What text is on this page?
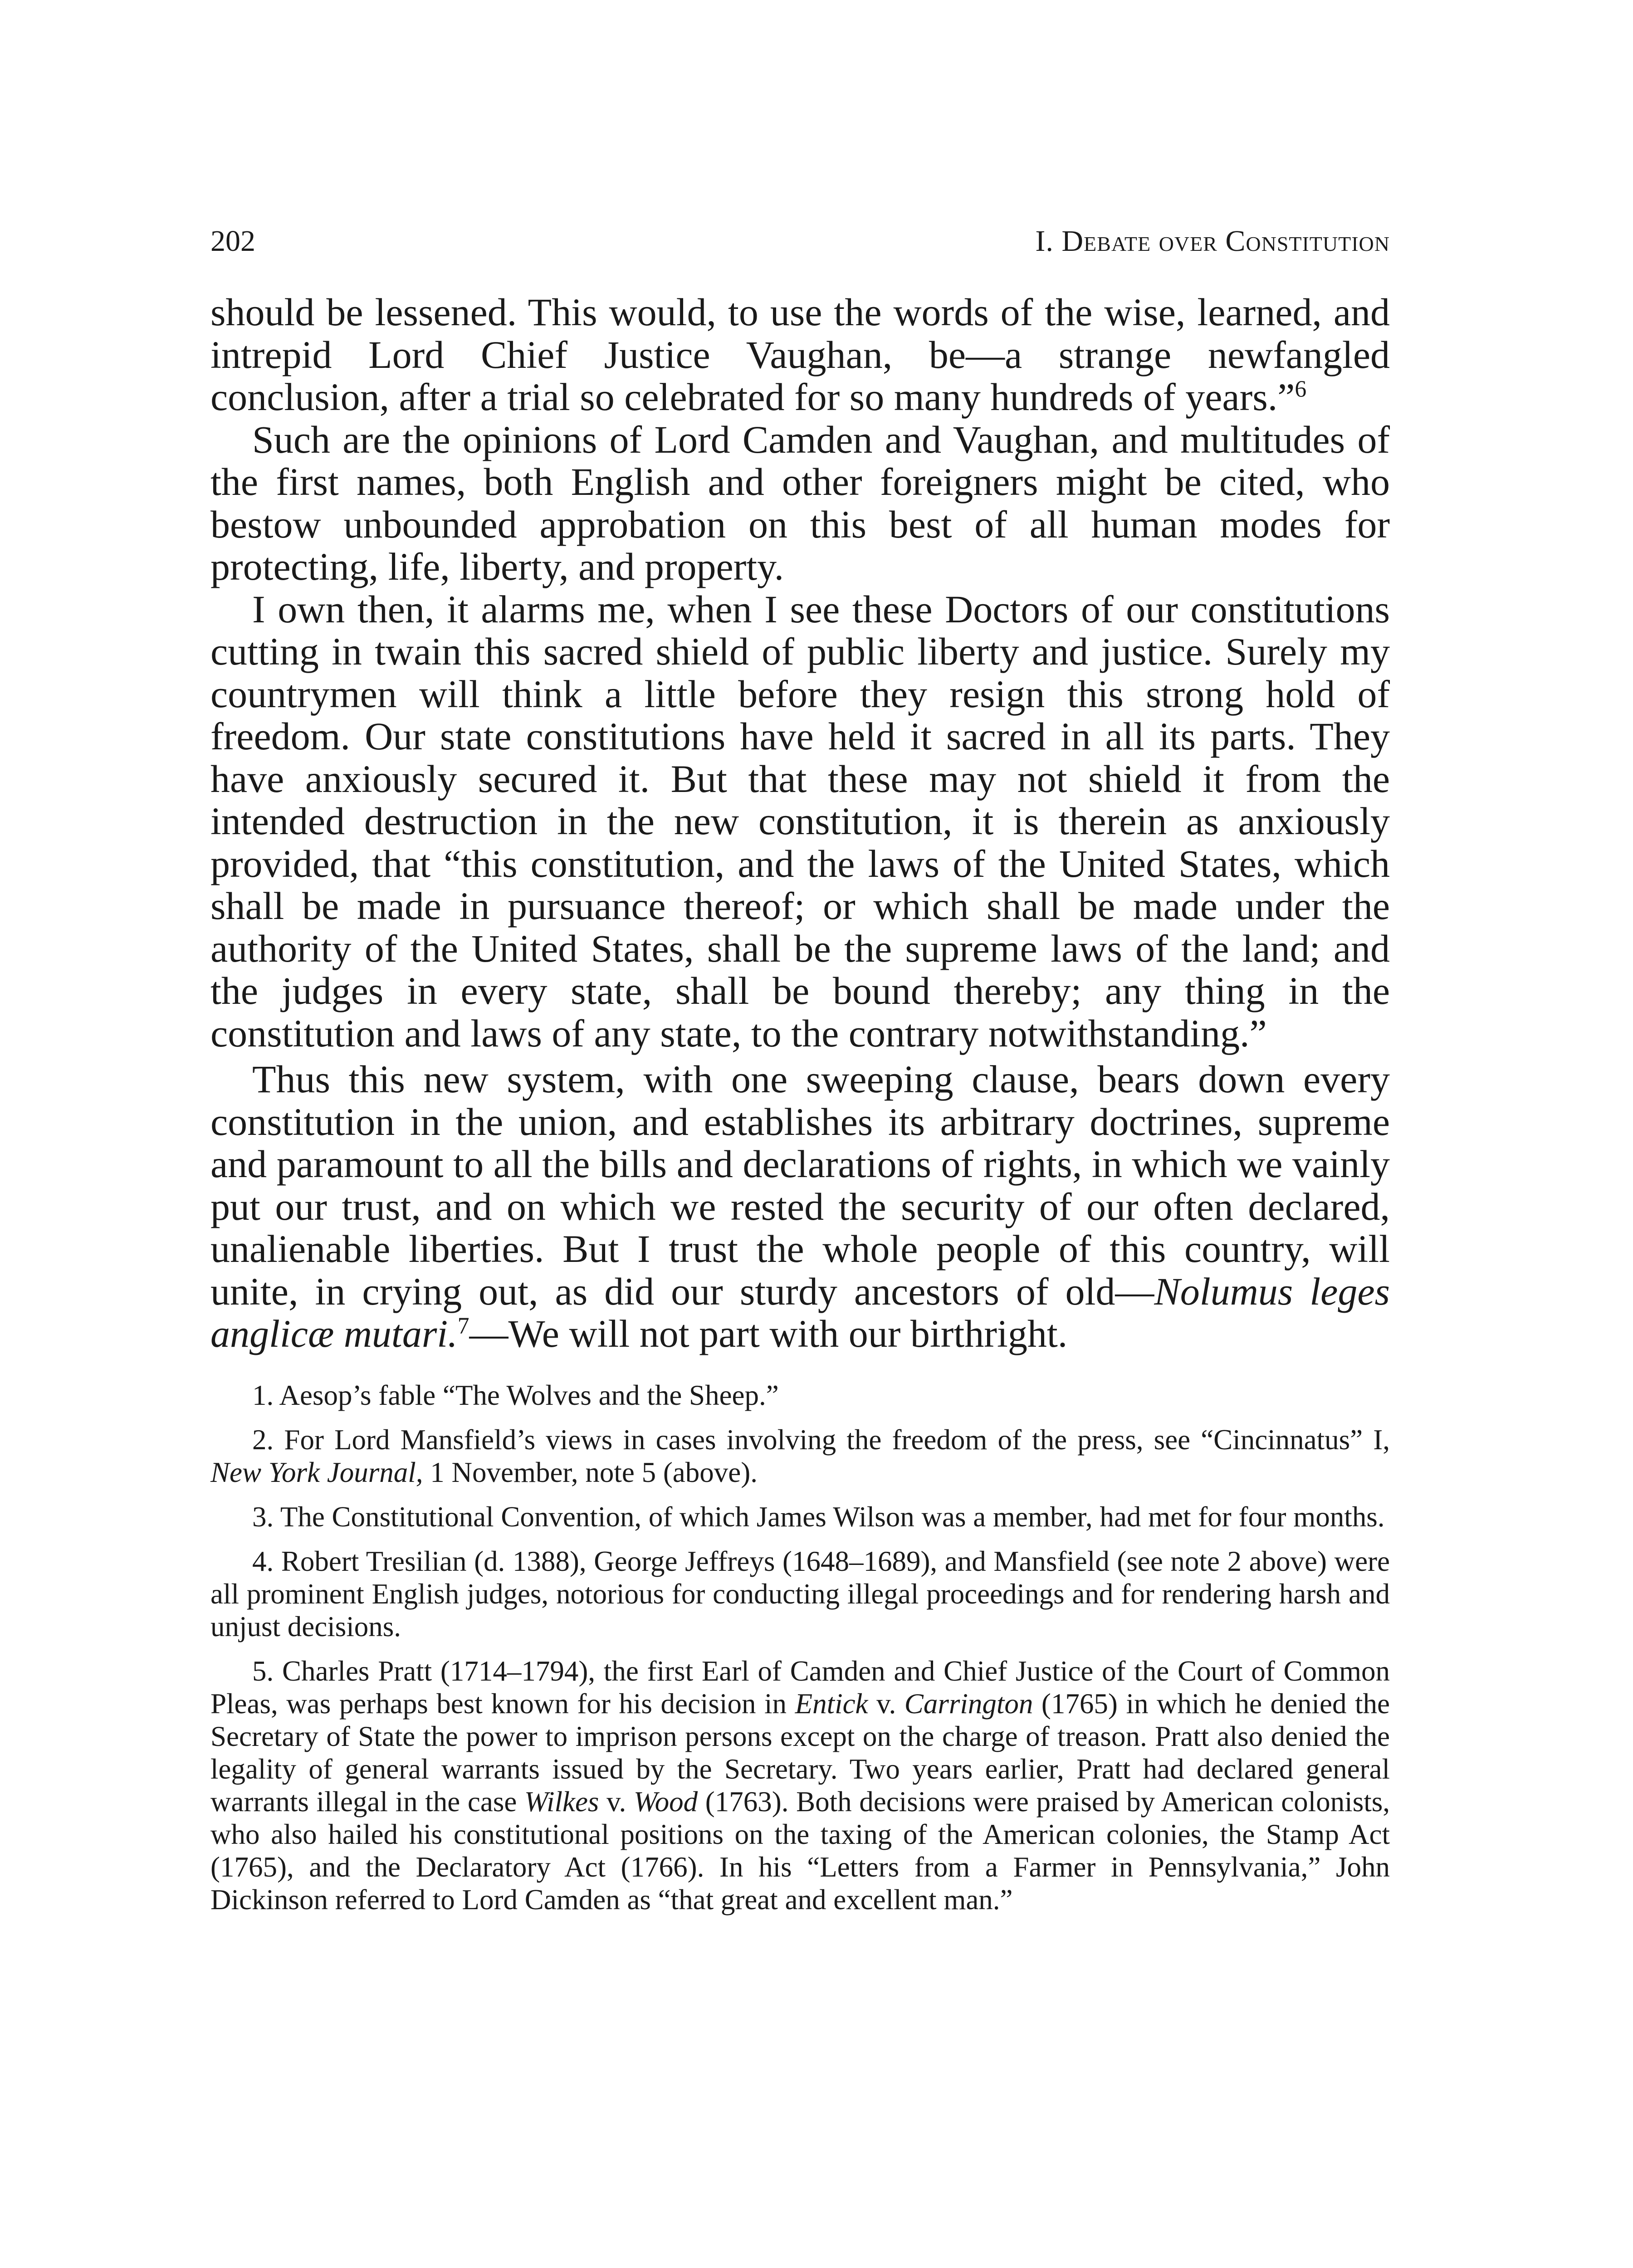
202	I. Debate over Constitution

should be lessened. This would, to use the words of the wise, learned, and intrepid Lord Chief Justice Vaughan, be—a strange newfangled conclusion, after a trial so celebrated for so many hundreds of years.”$^6$

Such are the opinions of Lord Camden and Vaughan, and multitudes of the first names, both English and other foreigners might be cited, who bestow unbounded approbation on this best of all human modes for protecting, life, liberty, and property.

I own then, it alarms me, when I see these Doctors of our constitutions cutting in twain this sacred shield of public liberty and justice. Surely my countrymen will think a little before they resign this strong hold of freedom. Our state constitutions have held it sacred in all its parts. They have anxiously secured it. But that these may not shield it from the intended destruction in the new constitution, it is therein as anxiously provided, that “this constitution, and the laws of the United States, which shall be made in pursuance thereof; or which shall be made under the authority of the United States, shall be the supreme laws of the land; and the judges in every state, shall be bound thereby; any thing in the constitution and laws of any state, to the contrary notwithstanding.”

Thus this new system, with one sweeping clause, bears down every constitution in the union, and establishes its arbitrary doctrines, supreme and paramount to all the bills and declarations of rights, in which we vainly put our trust, and on which we rested the security of our often declared, unalienable liberties. But I trust the whole people of this country, will unite, in crying out, as did our sturdy ancestors of old—Nolumus leges anglicæ mutari.$^7$—We will not part with our birthright.

1. Aesop’s fable “The Wolves and the Sheep.”

2. For Lord Mansfield’s views in cases involving the freedom of the press, see “Cincinnatus” I, New York Journal, 1 November, note 5 (above).

3. The Constitutional Convention, of which James Wilson was a member, had met for four months.

4. Robert Tresilian (d. 1388), George Jeffreys (1648–1689), and Mansfield (see note 2 above) were all prominent English judges, notorious for conducting illegal proceedings and for rendering harsh and unjust decisions.

5. Charles Pratt (1714–1794), the first Earl of Camden and Chief Justice of the Court of Common Pleas, was perhaps best known for his decision in Entick v. Carrington (1765) in which he denied the Secretary of State the power to imprison persons except on the charge of treason. Pratt also denied the legality of general warrants issued by the Secretary. Two years earlier, Pratt had declared general warrants illegal in the case Wilkes v. Wood (1763). Both decisions were praised by American colonists, who also hailed his constitutional positions on the taxing of the American colonies, the Stamp Act (1765), and the Declaratory Act (1766). In his “Letters from a Farmer in Pennsylvania,” John Dickinson referred to Lord Camden as “that great and excellent man.”
